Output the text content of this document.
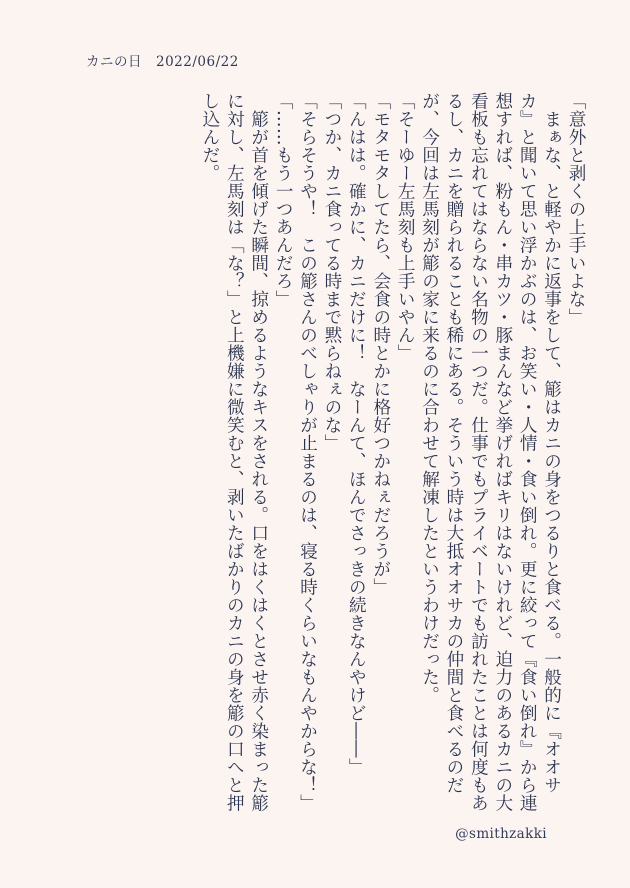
カニの日 2022/06/22

「意外と剥くの上手いよな」

　まぁな、と軽やかに返事をして、簓はカニの身をつるりと食べる。一般的に『オオサカ』と聞いて思い浮かぶのは、お笑い・人情・食い倒れ。更に絞って『食い倒れ』から連想すれば、粉もん・串カツ・豚まんなど挙げればキリはないけれど、迫力のあるカニの大看板も忘れてはならない名物の一つだ。仕事でもプライベートでも訪れたことは何度もあるし、カニを贈られることも稀にある。そういう時は大抵オオサカの仲間と食べるのだが、今回は左馬刻が簓の家に来るのに合わせて解凍したというわけだった。

「そーゆー左馬刻も上手いやん」

「モタモタしてたら、会食の時とかに格好つかねぇだろうが」

「んはは。確かに、カニだけに！　なーんて、ほんでさっきの続きなんやけど――」

「つか、カニ食ってる時まで黙らねぇのな」

「そらそうや！　この簓さんのべしゃりが止まるのは、寝る時くらいなもんやからな！」

「……もう一つあんだろ」

　簓が首を傾げた瞬間、掠めるようなキスをされる。口をはくはくとさせ赤く染まった簓に対し、左馬刻は「な？」と上機嫌に微笑むと、剥いたばかりのカニの身を簓の口へと押し込んだ。

@smithzakki
